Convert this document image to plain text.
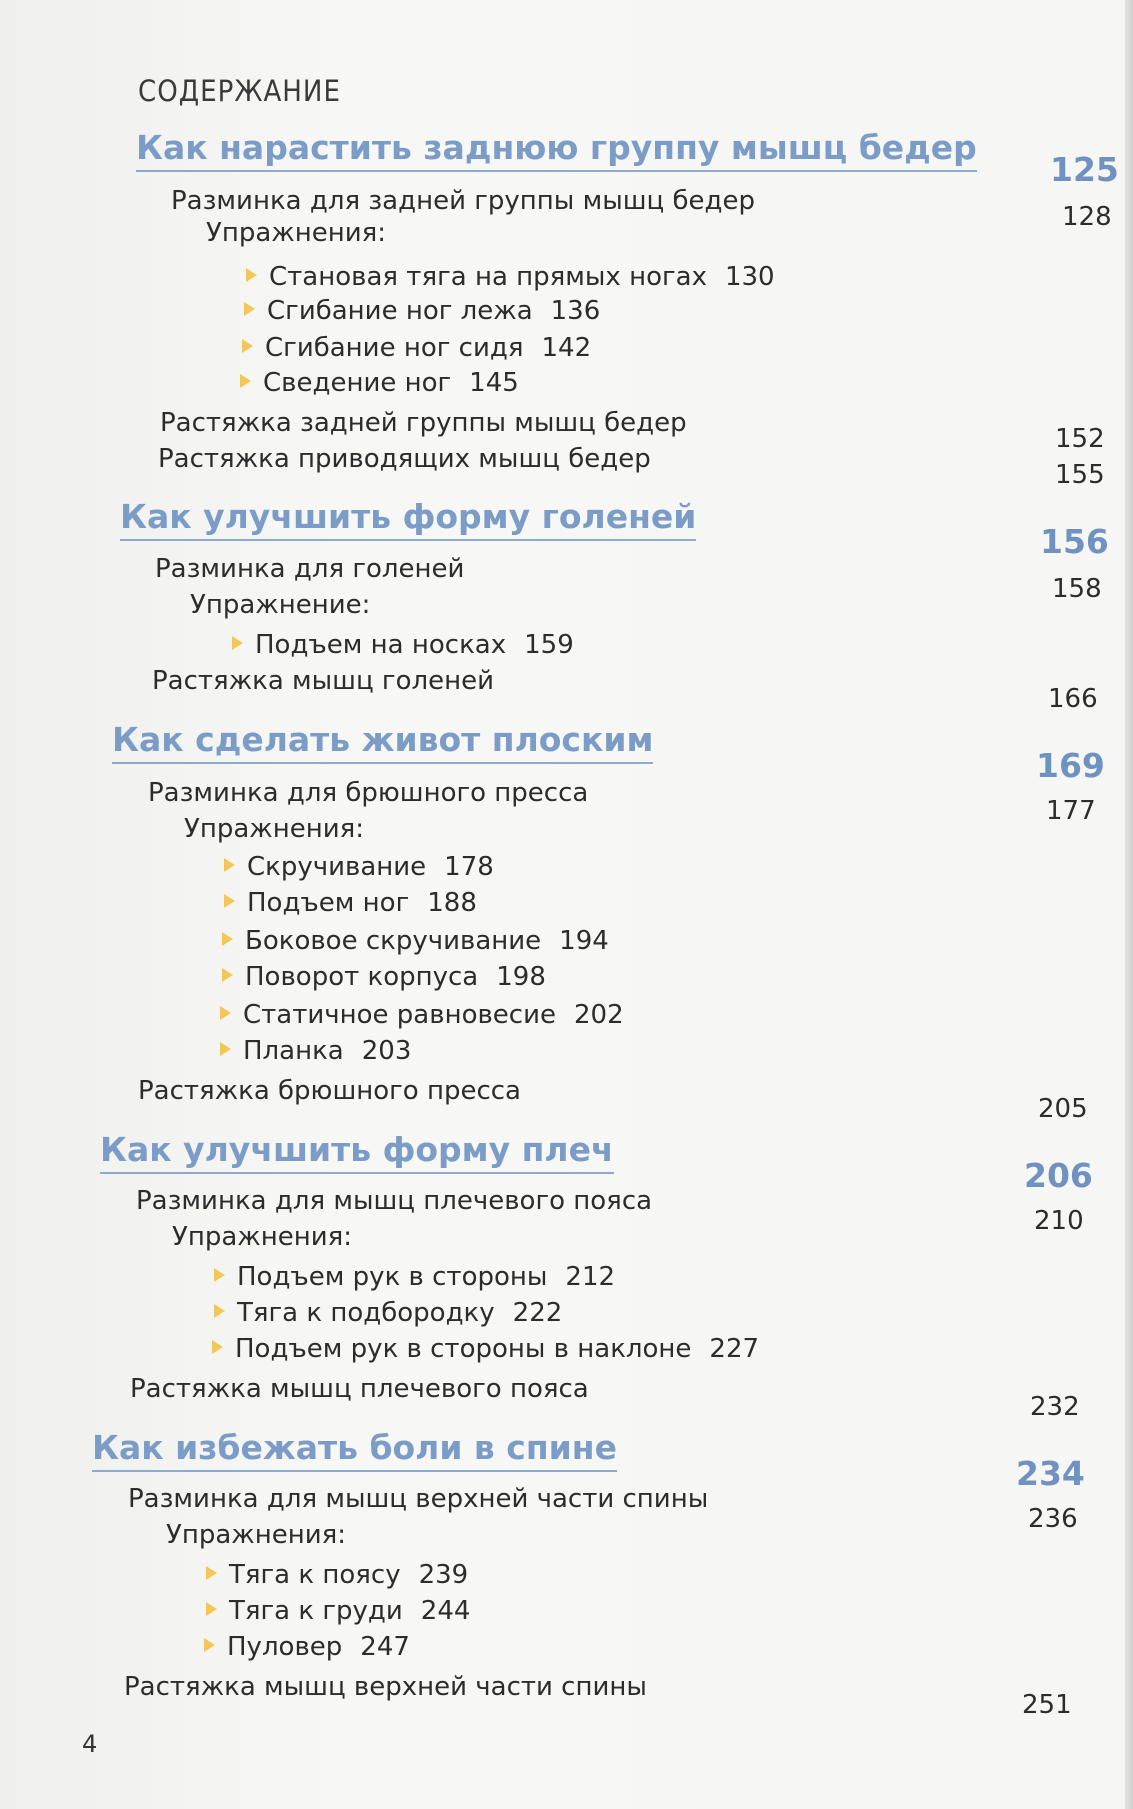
СОДЕРЖАНИЕ
Как нарастить заднюю группу мышц бедер
125
Разминка для задней группы мышц бедер
128
Упражнения:
Становая тяга на прямых ногах 130
Сгибание ног лежа 136
Сгибание ног сидя 142
Сведение ног 145
Растяжка задней группы мышц бедер
152
Растяжка приводящих мышц бедер
155
Как улучшить форму голеней
156
Разминка для голеней
158
Упражнение:
Подъем на носках 159
Растяжка мышц голеней
166
Как сделать живот плоским
169
Разминка для брюшного пресса
177
Упражнения:
Скручивание 178
Подъем ног 188
Боковое скручивание 194
Поворот корпуса 198
Статичное равновесие 202
Планка 203
Растяжка брюшного пресса
205
Как улучшить форму плеч
206
Разминка для мышц плечевого пояса
210
Упражнения:
Подъем рук в стороны 212
Тяга к подбородку 222
Подъем рук в стороны в наклоне 227
Растяжка мышц плечевого пояса
232
Как избежать боли в спине
234
Разминка для мышц верхней части спины
236
Упражнения:
Тяга к поясу 239
Тяга к груди 244
Пуловер 247
Растяжка мышц верхней части спины
251
4
